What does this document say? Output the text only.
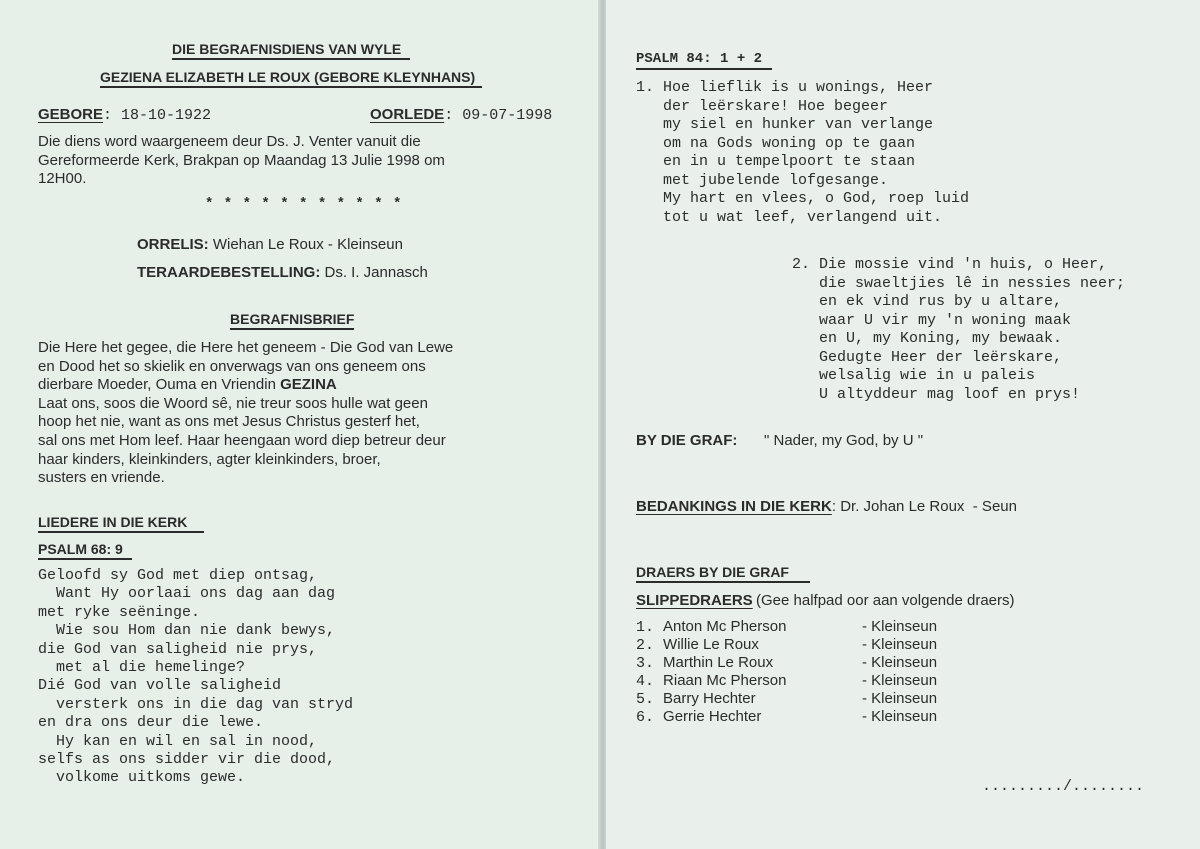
DIE BEGRAFNISDIENS VAN WYLE
GEZIENA ELIZABETH LE ROUX (GEBORE KLEYNHANS)
GEBORE: 18-10-1922	OORLEDE: 09-07-1998
Die diens word waargeneem deur Ds. J. Venter vanuit die
Gereformeerde Kerk, Brakpan op Maandag 13 Julie 1998 om
12H00.
* * * * * * * * * * *
ORRELIS: Wiehan Le Roux - Kleinseun
TERAARDEBESTELLING: Ds. I. Jannasch
BEGRAFNISBRIEF
Die Here het gegee, die Here het geneem - Die God van Lewe
en Dood het so skielik en onverwags van ons geneem ons
dierbare Moeder, Ouma en Vriendin GEZINA
Laat ons, soos die Woord sê, nie treur soos hulle wat geen
hoop het nie, want as ons met Jesus Christus gesterf het,
sal ons met Hom leef. Haar heengaan word diep betreur deur
haar kinders, kleinkinders, agter kleinkinders, broer,
susters en vriende.
LIEDERE IN DIE KERK
PSALM 68: 9
Geloofd sy God met diep ontsag,
Want Hy oorlaai ons dag aan dag
met ryke seëninge.
Wie sou Hom dan nie dank bewys,
die God van saligheid nie prys,
met al die hemelinge?
Dié God van volle saligheid
versterk ons in die dag van stryd
en dra ons deur die lewe.
Hy kan en wil en sal in nood,
selfs as ons sidder vir die dood,
volkome uitkoms gewe.
PSALM 84: 1 + 2
1. Hoe lieflik is u wonings, Heer
der leërskare! Hoe begeer
my siel en hunker van verlange
om na Gods woning op te gaan
en in u tempelpoort te staan
met jubelende lofgesange.
My hart en vlees, o God, roep luid
tot u wat leef, verlangend uit.
2. Die mossie vind 'n huis, o Heer,
die swaeltjies lê in nessies neer;
en ek vind rus by u altare,
waar U vir my 'n woning maak
en U, my Koning, my bewaak.
Gedugte Heer der leërskare,
welsalig wie in u paleis
U altyddeur mag loof en prys!
BY DIE GRAF: " Nader, my God, by U "
BEDANKINGS IN DIE KERK: Dr. Johan Le Roux  - Seun
DRAERS BY DIE GRAF
SLIPPEDRAERS (Gee halfpad oor aan volgende draers)
1. Anton Mc Pherson	- Kleinseun
2. Willie Le Roux	- Kleinseun
3. Marthin Le Roux	- Kleinseun
4. Riaan Mc Pherson	- Kleinseun
5. Barry Hechter	- Kleinseun
6. Gerrie Hechter	- Kleinseun
........./........
